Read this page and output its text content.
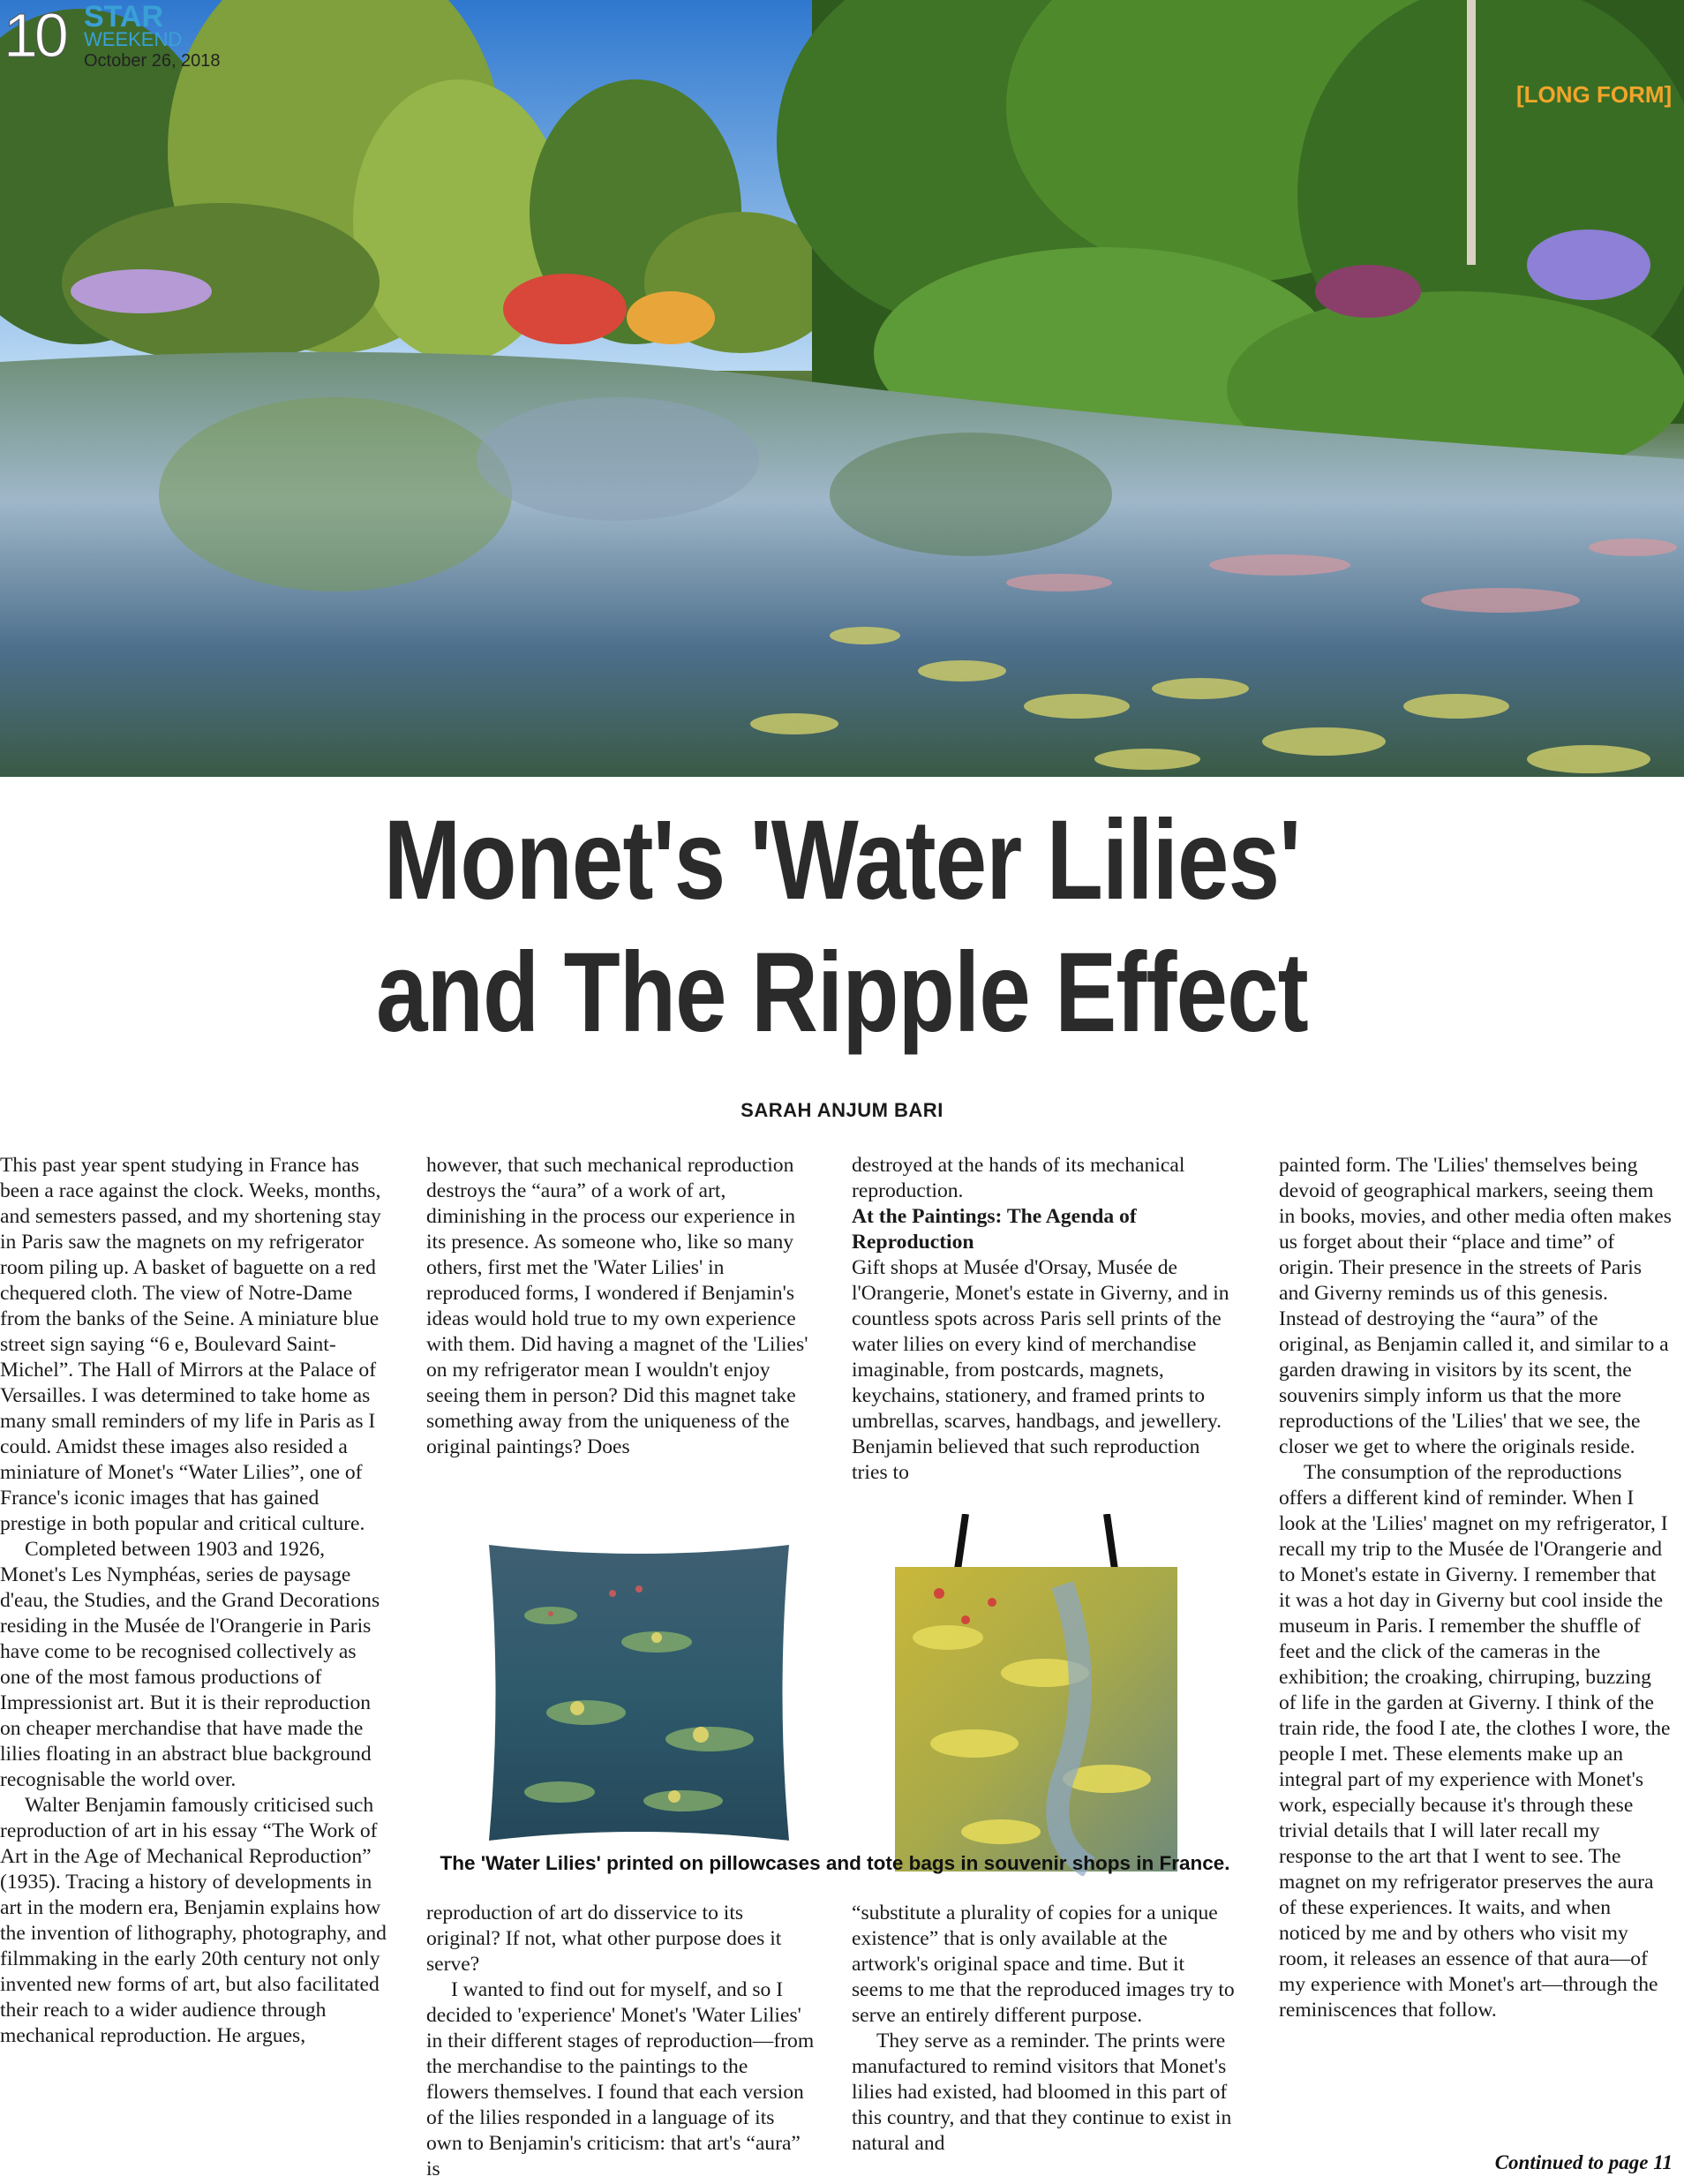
10 STAR
WEEKEND
October 26, 2018
[LONG FORM]
Monet's 'Water Lilies'
and The Ripple Effect
SARAH ANJUM BARI

This past year spent studying in France has been a race against the clock. Weeks, months, and semesters passed, and my shortening stay in Paris saw the magnets on my refrigerator room piling up. A basket of baguette on a red chequered cloth. The view of Notre-Dame from the banks of the Seine. A miniature blue street sign saying “6 e, Boulevard Saint-Michel”. The Hall of Mirrors at the Palace of Versailles. I was determined to take home as many small reminders of my life in Paris as I could. Amidst these images also resided a miniature of Monet's “Water Lilies”, one of France's iconic images that has gained prestige in both popular and critical culture.

Completed between 1903 and 1926, Monet's Les Nymphéas, series de paysage d'eau, the Studies, and the Grand Decorations residing in the Musée de l'Orangerie in Paris have come to be recognised collectively as one of the most famous productions of Impressionist art. But it is their reproduction on cheaper merchandise that have made the lilies floating in an abstract blue background recognisable the world over.

Walter Benjamin famously criticised such reproduction of art in his essay “The Work of Art in the Age of Mechanical Reproduction” (1935). Tracing a history of developments in art in the modern era, Benjamin explains how the invention of lithography, photography, and filmmaking in the early 20th century not only invented new forms of art, but also facilitated their reach to a wider audience through mechanical reproduction. He argues,

however, that such mechanical reproduction destroys the “aura” of a work of art, diminishing in the process our experience in its presence. As someone who, like so many others, first met the 'Water Lilies' in reproduced forms, I wondered if Benjamin's ideas would hold true to my own experience with them. Did having a magnet of the 'Lilies' on my refrigerator mean I wouldn't enjoy seeing them in person? Did this magnet take something away from the uniqueness of the original paintings? Does

reproduction of art do disservice to its original? If not, what other purpose does it serve?

I wanted to find out for myself, and so I decided to 'experience' Monet's 'Water Lilies' in their different stages of reproduction—from the merchandise to the paintings to the flowers themselves. I found that each version of the lilies responded in a language of its own to Benjamin's criticism: that art's “aura” is

destroyed at the hands of its mechanical reproduction.

At the Paintings: The Agenda of Reproduction

Gift shops at Musée d'Orsay, Musée de l'Orangerie, Monet's estate in Giverny, and in countless spots across Paris sell prints of the water lilies on every kind of merchandise imaginable, from postcards, magnets, keychains, stationery, and framed prints to umbrellas, scarves, handbags, and jewellery. Benjamin believed that such reproduction tries to

“substitute a plurality of copies for a unique existence” that is only available at the artwork's original space and time. But it seems to me that the reproduced images try to serve an entirely different purpose.

They serve as a reminder. The prints were manufactured to remind visitors that Monet's lilies had existed, had bloomed in this part of this country, and that they continue to exist in natural and

painted form. The 'Lilies' themselves being devoid of geographical markers, seeing them in books, movies, and other media often makes us forget about their “place and time” of origin. Their presence in the streets of Paris and Giverny reminds us of this genesis. Instead of destroying the “aura” of the original, as Benjamin called it, and similar to a garden drawing in visitors by its scent, the souvenirs simply inform us that the more reproductions of the 'Lilies' that we see, the closer we get to where the originals reside.

The consumption of the reproductions offers a different kind of reminder. When I look at the 'Lilies' magnet on my refrigerator, I recall my trip to the Musée de l'Orangerie and to Monet's estate in Giverny. I remember that it was a hot day in Giverny but cool inside the museum in Paris. I remember the shuffle of feet and the click of the cameras in the exhibition; the croaking, chirruping, buzzing of life in the garden at Giverny. I think of the train ride, the food I ate, the clothes I wore, the people I met. These elements make up an integral part of my experience with Monet's work, especially because it's through these trivial details that I will later recall my response to the art that I went to see. The magnet on my refrigerator preserves the aura of these experiences. It waits, and when noticed by me and by others who visit my room, it releases an essence of that aura—of my experience with Monet's art—through the reminiscences that follow.

The 'Water Lilies' printed on pillowcases and tote bags in souvenir shops in France.
Continued to page 11
